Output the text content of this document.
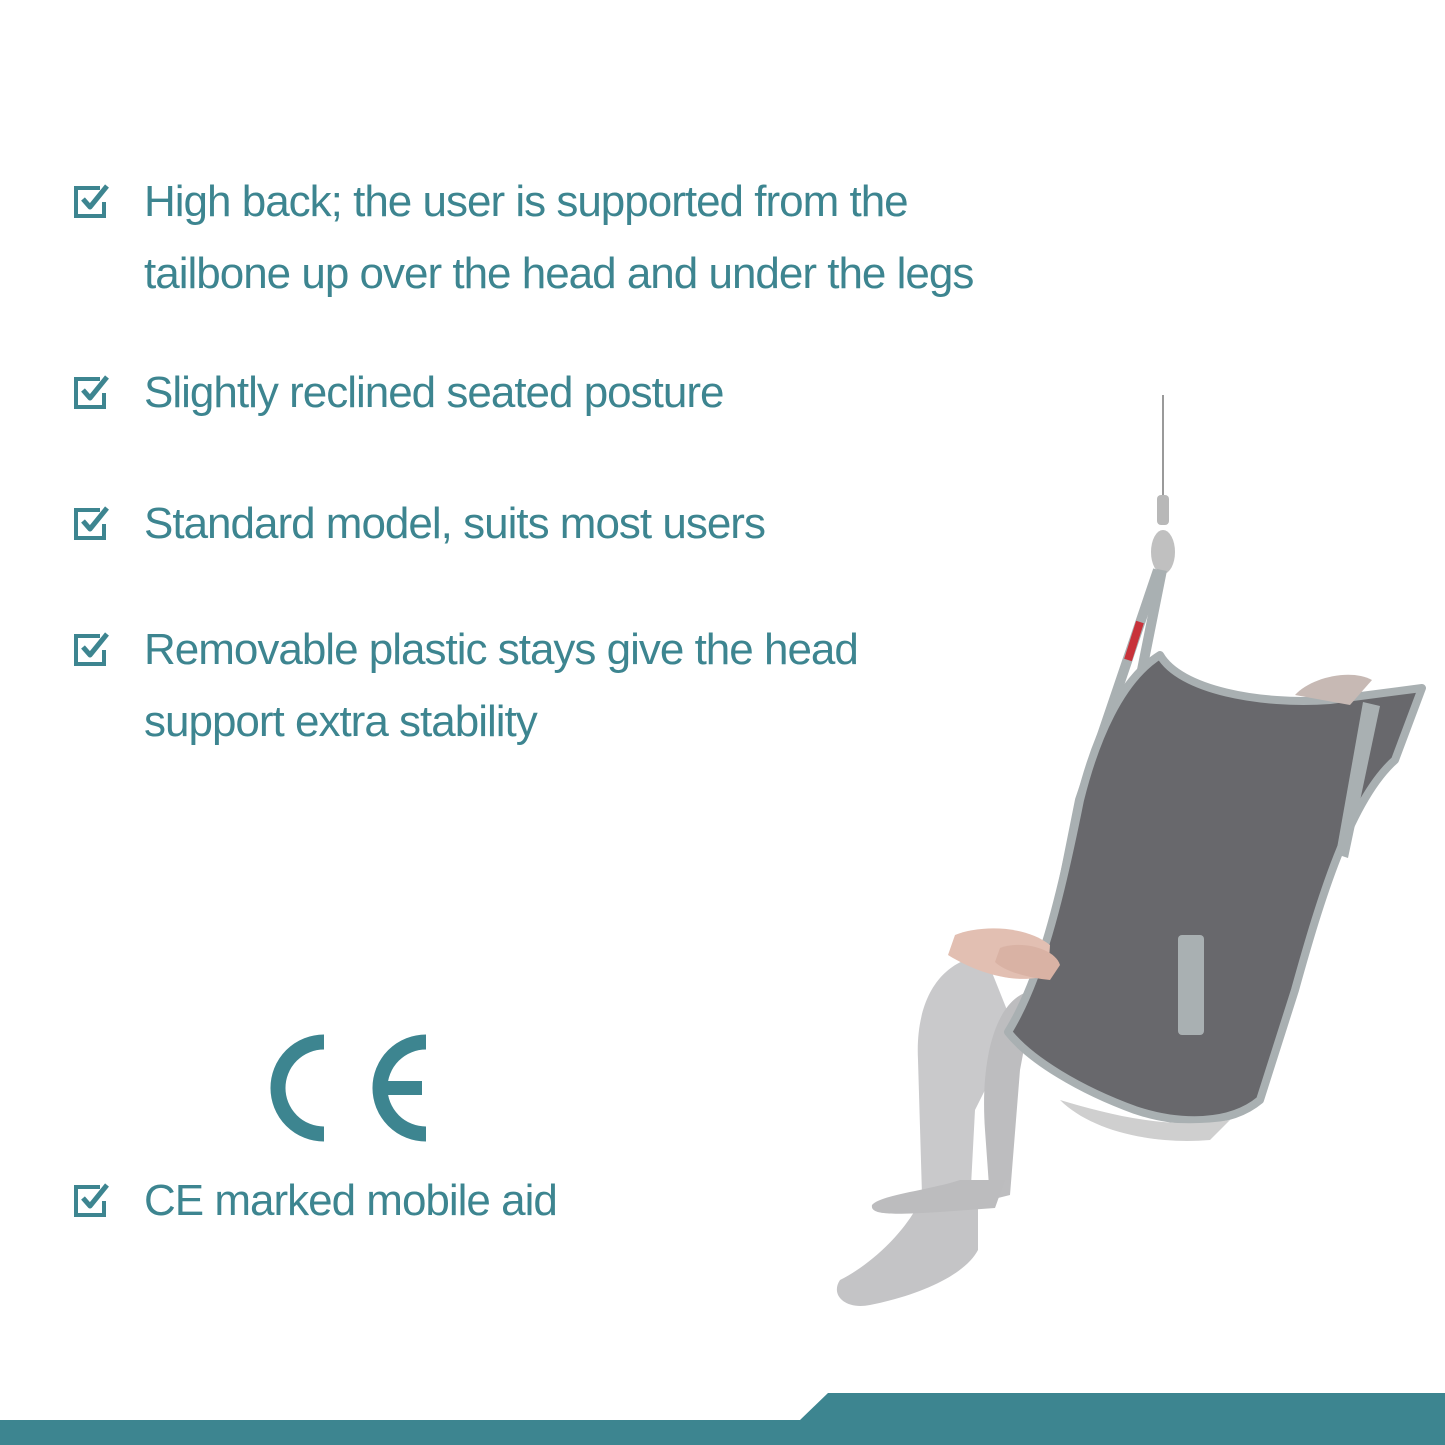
High back; the user is supported from the
tailbone up over the head and under the legs
Slightly reclined seated posture
Standard model, suits most users
Removable plastic stays give the head
support extra stability
CE marked mobile aid
